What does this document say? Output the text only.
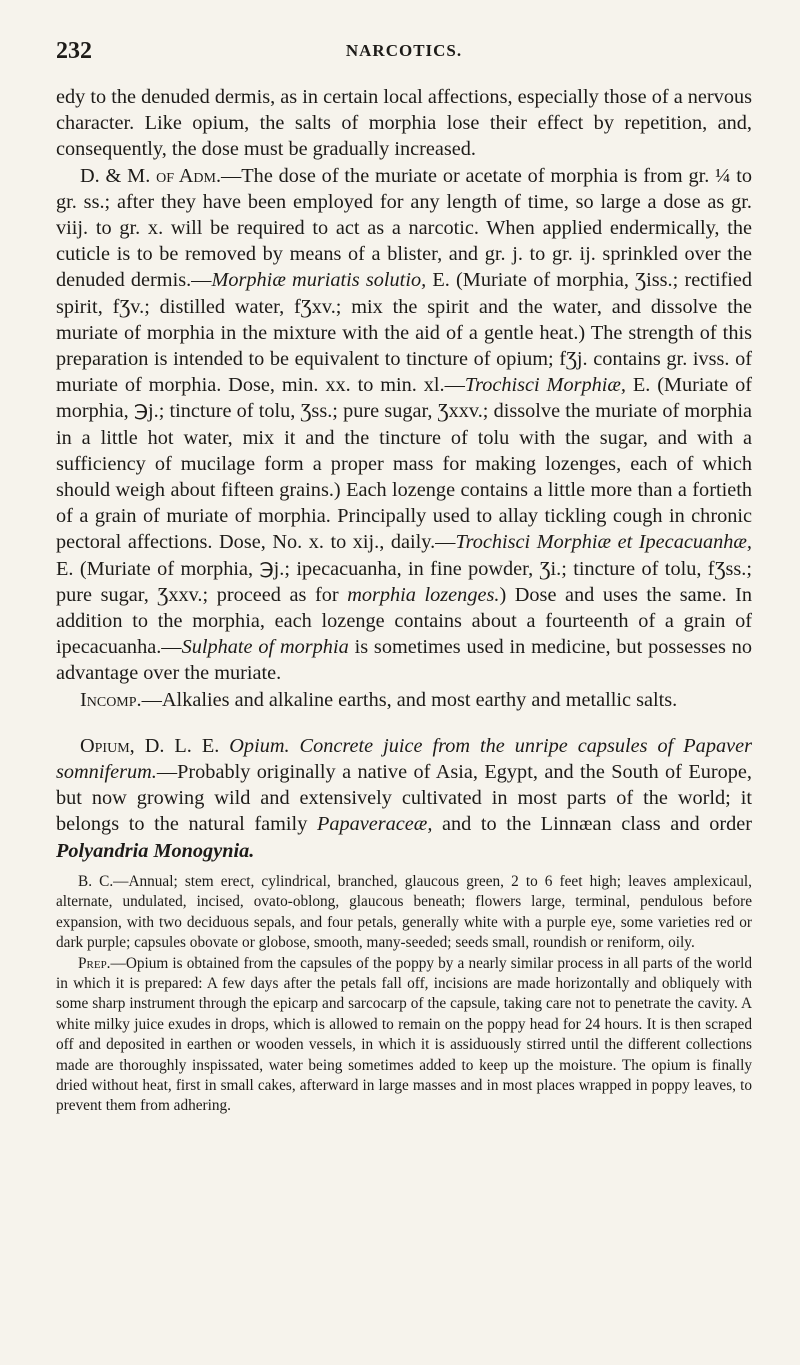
232	NARCOTICS.

edy to the denuded dermis, as in certain local affections, especially those of a nervous character. Like opium, the salts of morphia lose their effect by repetition, and, consequently, the dose must be gradually increased.

D. & M. of Adm.—The dose of the muriate or acetate of morphia is from gr. ¼ to gr. ss.; after they have been employed for any length of time, so large a dose as gr. viij. to gr. x. will be required to act as a narcotic. When applied endermically, the cuticle is to be removed by means of a blister, and gr. j. to gr. ij. sprinkled over the denuded dermis.—Morphiæ muriatis solutio, E. (Muriate of morphia, Ʒiss.; rectified spirit, fƷv.; distilled water, fƷxv.; mix the spirit and the water, and dissolve the muriate of morphia in the mixture with the aid of a gentle heat.) The strength of this preparation is intended to be equivalent to tincture of opium; fƷj. contains gr. ivss. of muriate of morphia. Dose, min. xx. to min. xl.—Trochisci Morphiæ, E. (Muriate of morphia, ℈j.; tincture of tolu, Ʒss.; pure sugar, Ʒxxv.; dissolve the muriate of morphia in a little hot water, mix it and the tincture of tolu with the sugar, and with a sufficiency of mucilage form a proper mass for making lozenges, each of which should weigh about fifteen grains.) Each lozenge contains a little more than a fortieth of a grain of muriate of morphia. Principally used to allay tickling cough in chronic pectoral affections. Dose, No. x. to xij., daily.—Trochisci Morphiæ et Ipecacuanhæ, E. (Muriate of morphia, ℈j.; ipecacuanha, in fine powder, Ʒi.; tincture of tolu, fƷss.; pure sugar, Ʒxxv.; proceed as for morphia lozenges.) Dose and uses the same. In addition to the morphia, each lozenge contains about a fourteenth of a grain of ipecacuanha.—Sulphate of morphia is sometimes used in medicine, but possesses no advantage over the muriate.

Incomp.—Alkalies and alkaline earths, and most earthy and metallic salts.

Opium, D. L. E. Opium. Concrete juice from the unripe capsules of Papaver somniferum.—Probably originally a native of Asia, Egypt, and the South of Europe, but now growing wild and extensively cultivated in most parts of the world; it belongs to the natural family Papaveraceæ, and to the Linnæan class and order Polyandria Monogynia.

B. C.—Annual; stem erect, cylindrical, branched, glaucous green, 2 to 6 feet high; leaves amplexicaul, alternate, undulated, incised, ovato-oblong, glaucous beneath; flowers large, terminal, pendulous before expansion, with two deciduous sepals, and four petals, generally white with a purple eye, some varieties red or dark purple; capsules obovate or globose, smooth, many-seeded; seeds small, roundish or reniform, oily.

Prep.—Opium is obtained from the capsules of the poppy by a nearly similar process in all parts of the world in which it is prepared: A few days after the petals fall off, incisions are made horizontally and obliquely with some sharp instrument through the epicarp and sarcocarp of the capsule, taking care not to penetrate the cavity. A white milky juice exudes in drops, which is allowed to remain on the poppy head for 24 hours. It is then scraped off and deposited in earthen or wooden vessels, in which it is assiduously stirred until the different collections made are thoroughly inspissated, water being sometimes added to keep up the moisture. The opium is finally dried without heat, first in small cakes, afterward in large masses and in most places wrapped in poppy leaves, to prevent them from adhering.
